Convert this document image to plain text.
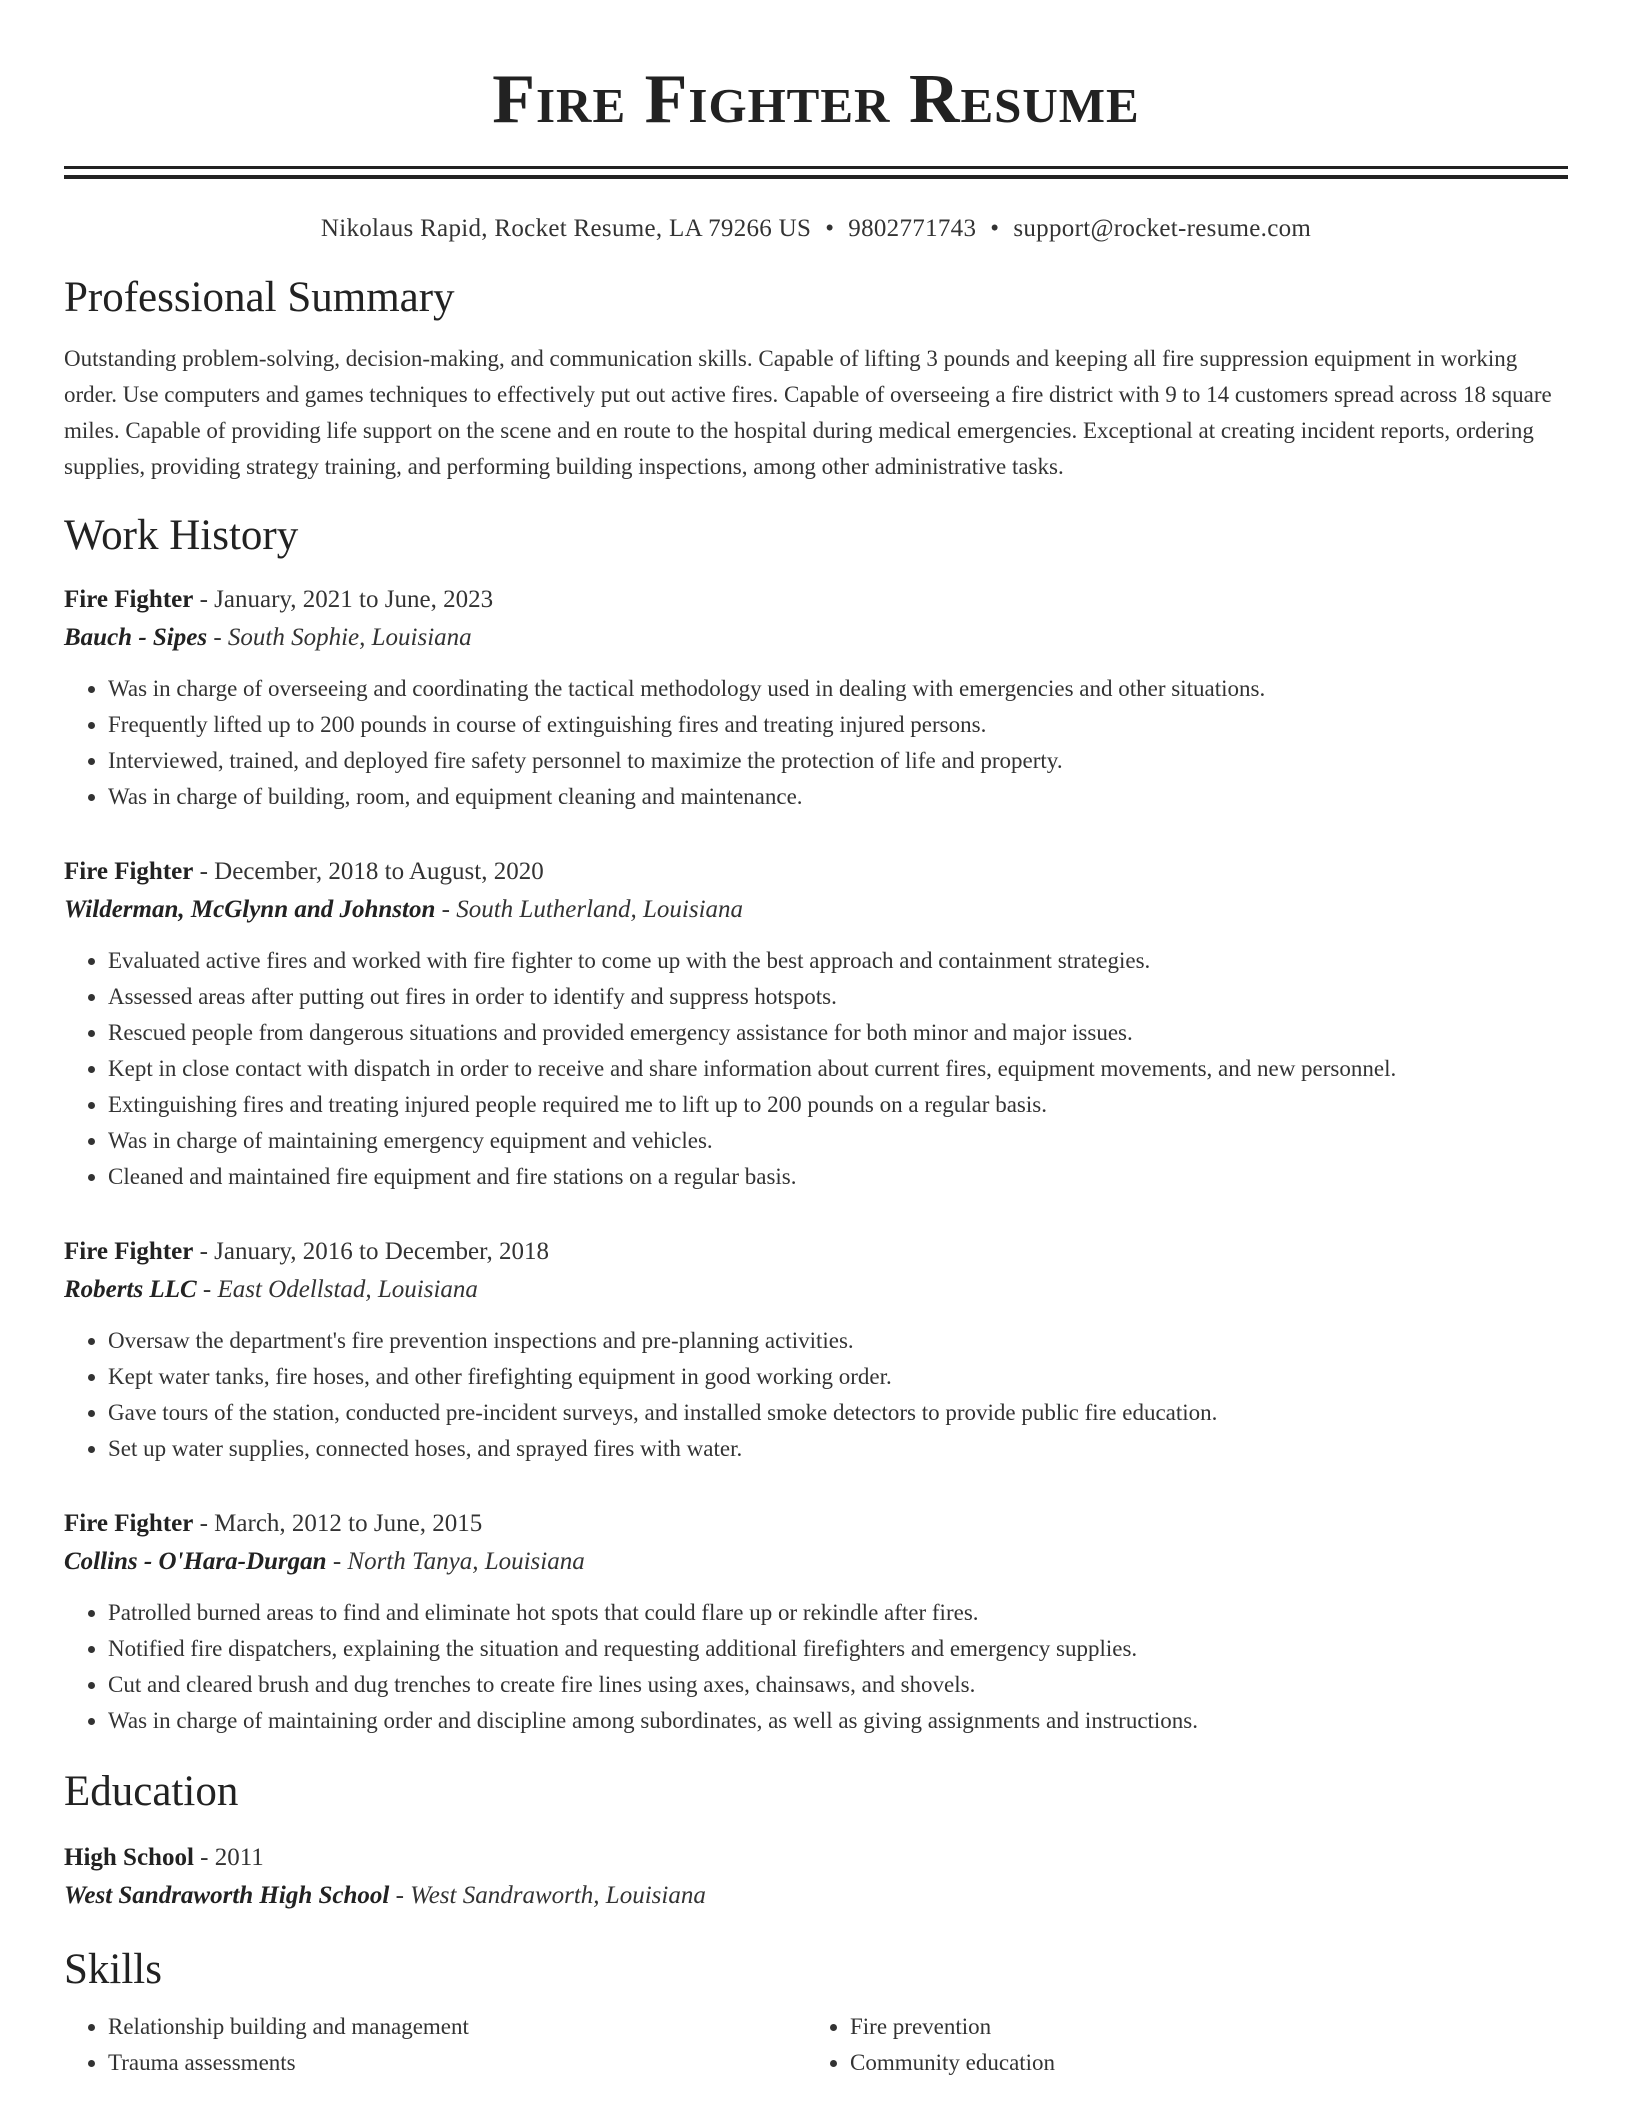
Fire Fighter Resume
Nikolaus Rapid, Rocket Resume, LA 79266 US • 9802771743 • support@rocket-resume.com
Professional Summary
Outstanding problem-solving, decision-making, and communication skills. Capable of lifting 3 pounds and keeping all fire suppression equipment in working order. Use computers and games techniques to effectively put out active fires. Capable of overseeing a fire district with 9 to 14 customers spread across 18 square miles. Capable of providing life support on the scene and en route to the hospital during medical emergencies. Exceptional at creating incident reports, ordering supplies, providing strategy training, and performing building inspections, among other administrative tasks.
Work History
Fire Fighter - January, 2021 to June, 2023
Bauch - Sipes - South Sophie, Louisiana
• Was in charge of overseeing and coordinating the tactical methodology used in dealing with emergencies and other situations.
• Frequently lifted up to 200 pounds in course of extinguishing fires and treating injured persons.
• Interviewed, trained, and deployed fire safety personnel to maximize the protection of life and property.
• Was in charge of building, room, and equipment cleaning and maintenance.
Fire Fighter - December, 2018 to August, 2020
Wilderman, McGlynn and Johnston - South Lutherland, Louisiana
• Evaluated active fires and worked with fire fighter to come up with the best approach and containment strategies.
• Assessed areas after putting out fires in order to identify and suppress hotspots.
• Rescued people from dangerous situations and provided emergency assistance for both minor and major issues.
• Kept in close contact with dispatch in order to receive and share information about current fires, equipment movements, and new personnel.
• Extinguishing fires and treating injured people required me to lift up to 200 pounds on a regular basis.
• Was in charge of maintaining emergency equipment and vehicles.
• Cleaned and maintained fire equipment and fire stations on a regular basis.
Fire Fighter - January, 2016 to December, 2018
Roberts LLC - East Odellstad, Louisiana
• Oversaw the department's fire prevention inspections and pre-planning activities.
• Kept water tanks, fire hoses, and other firefighting equipment in good working order.
• Gave tours of the station, conducted pre-incident surveys, and installed smoke detectors to provide public fire education.
• Set up water supplies, connected hoses, and sprayed fires with water.
Fire Fighter - March, 2012 to June, 2015
Collins - O'Hara-Durgan - North Tanya, Louisiana
• Patrolled burned areas to find and eliminate hot spots that could flare up or rekindle after fires.
• Notified fire dispatchers, explaining the situation and requesting additional firefighters and emergency supplies.
• Cut and cleared brush and dug trenches to create fire lines using axes, chainsaws, and shovels.
• Was in charge of maintaining order and discipline among subordinates, as well as giving assignments and instructions.
Education
High School - 2011
West Sandraworth High School - West Sandraworth, Louisiana
Skills
• Relationship building and management
• Trauma assessments
• Fire prevention
• Community education
